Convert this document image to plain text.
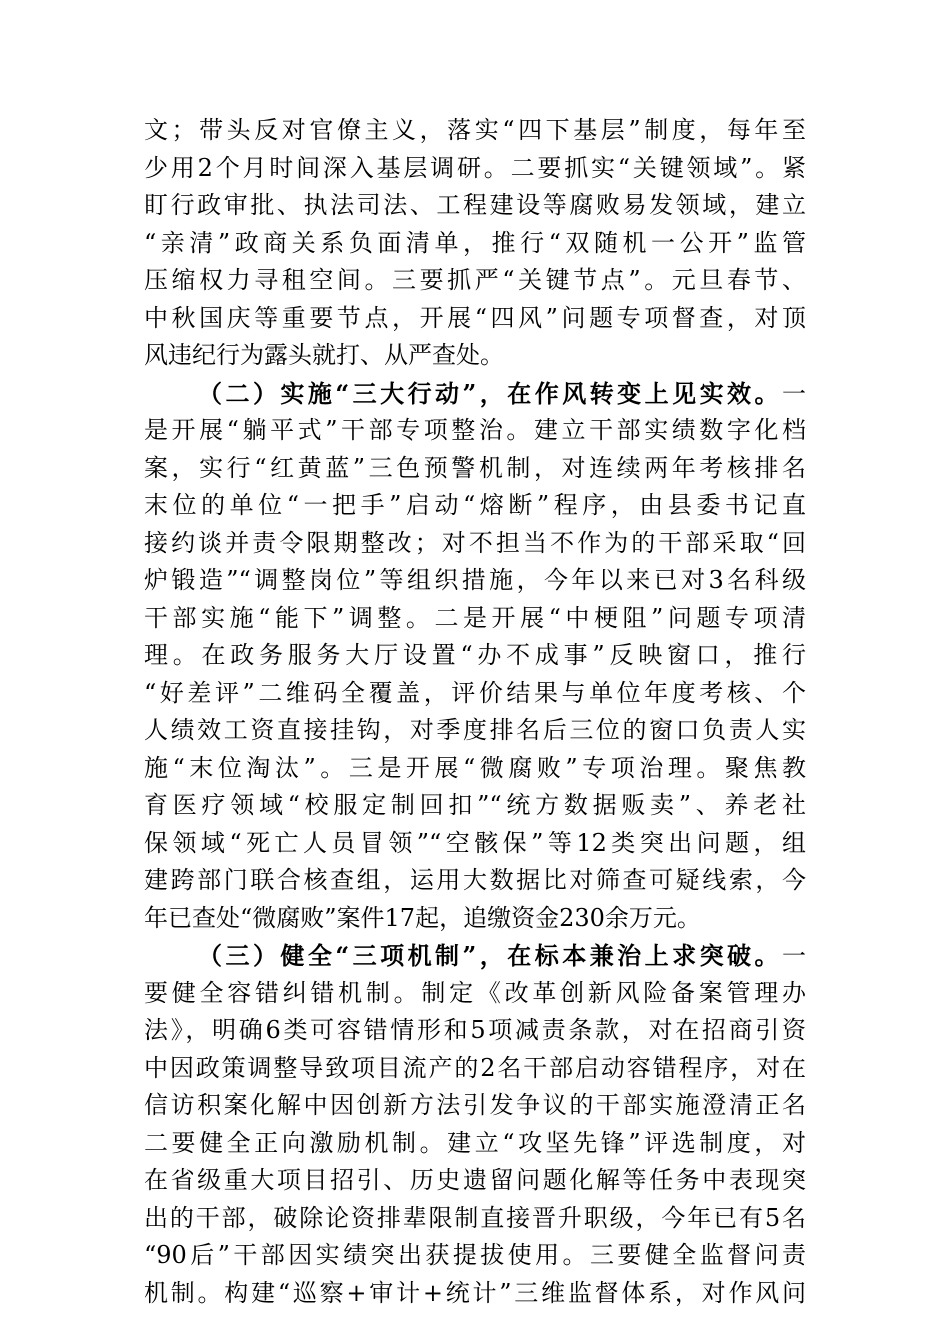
文；带头反对官僚主义，落实“四下基层”制度，每年至
少用2个月时间深入基层调研。二要抓实“关键领域”。紧
盯行政审批、执法司法、工程建设等腐败易发领域，建立
“亲清”政商关系负面清单，推行“双随机一公开”监管
压缩权力寻租空间。三要抓严“关键节点”。元旦春节、
中秋国庆等重要节点，开展“四风”问题专项督查，对顶
风违纪行为露头就打、从严查处。
（二）实施“三大行动”，在作风转变上见实效。一
是开展“躺平式”干部专项整治。建立干部实绩数字化档
案，实行“红黄蓝”三色预警机制，对连续两年考核排名
末位的单位“一把手”启动“熔断”程序，由县委书记直
接约谈并责令限期整改；对不担当不作为的干部采取“回
炉锻造”“调整岗位”等组织措施，今年以来已对3名科级
干部实施“能下”调整。二是开展“中梗阻”问题专项清
理。在政务服务大厅设置“办不成事”反映窗口，推行
“好差评”二维码全覆盖，评价结果与单位年度考核、个
人绩效工资直接挂钩，对季度排名后三位的窗口负责人实
施“末位淘汰”。三是开展“微腐败”专项治理。聚焦教
育医疗领域“校服定制回扣”“统方数据贩卖”、养老社
保领域“死亡人员冒领”“空骸保”等12类突出问题，组
建跨部门联合核查组，运用大数据比对筛查可疑线索，今
年已查处“微腐败”案件17起，追缴资金230余万元。
（三）健全“三项机制”，在标本兼治上求突破。一
要健全容错纠错机制。制定《改革创新风险备案管理办
法》，明确6类可容错情形和5项减责条款，对在招商引资
中因政策调整导致项目流产的2名干部启动容错程序，对在
信访积案化解中因创新方法引发争议的干部实施澄清正名
二要健全正向激励机制。建立“攻坚先锋”评选制度，对
在省级重大项目招引、历史遗留问题化解等任务中表现突
出的干部，破除论资排辈限制直接晋升职级，今年已有5名
“90后”干部因实绩突出获提拔使用。三要健全监督问责
机制。构建“巡察+审计+统计”三维监督体系，对作风问
